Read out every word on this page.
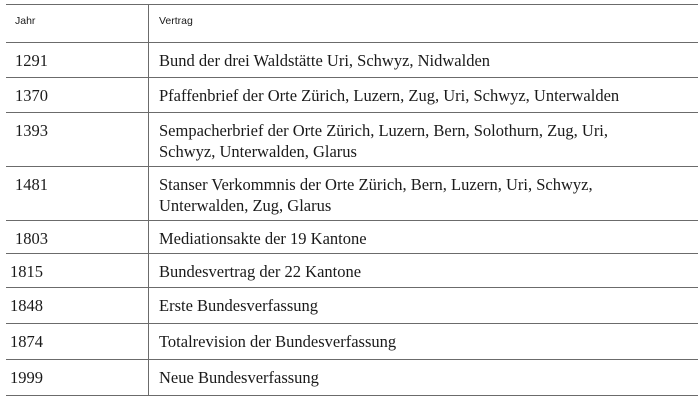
Jahr	Vertrag
1291	Bund der drei Waldstätte Uri, Schwyz, Nidwalden
1370	Pfaffenbrief der Orte Zürich, Luzern, Zug, Uri, Schwyz, Unterwalden
1393	Sempacherbrief der Orte Zürich, Luzern, Bern, Solothurn, Zug, Uri,
Schwyz, Unterwalden, Glarus
1481	Stanser Verkommnis der Orte Zürich, Bern, Luzern, Uri, Schwyz,
Unterwalden, Zug, Glarus
1803	Mediationsakte der 19 Kantone
1815	Bundesvertrag der 22 Kantone
1848	Erste Bundesverfassung
1874	Totalrevision der Bundesverfassung
1999	Neue Bundesverfassung
